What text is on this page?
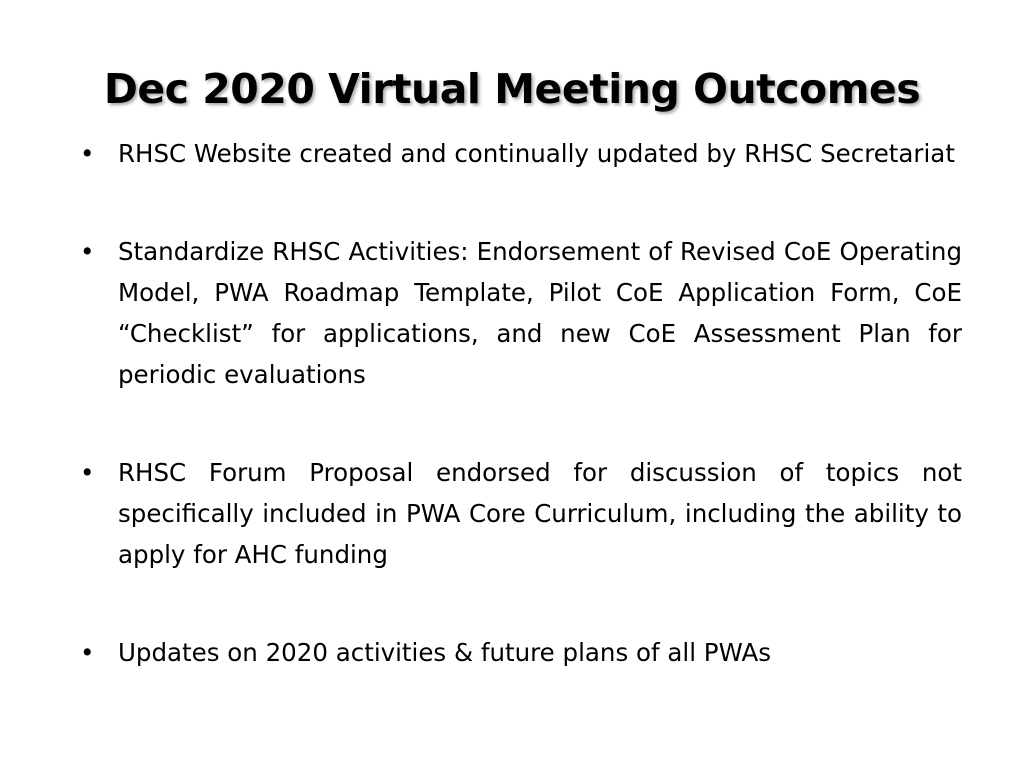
Dec 2020 Virtual Meeting Outcomes
• RHSC Website created and continually updated by RHSC Secretariat
• Standardize RHSC Activities: Endorsement of Revised CoE Operating Model, PWA Roadmap Template, Pilot CoE Application Form, CoE “Checklist” for applications, and new CoE Assessment Plan for periodic evaluations
• RHSC Forum Proposal endorsed for discussion of topics not specifically included in PWA Core Curriculum, including the ability to apply for AHC funding
• Updates on 2020 activities & future plans of all PWAs
